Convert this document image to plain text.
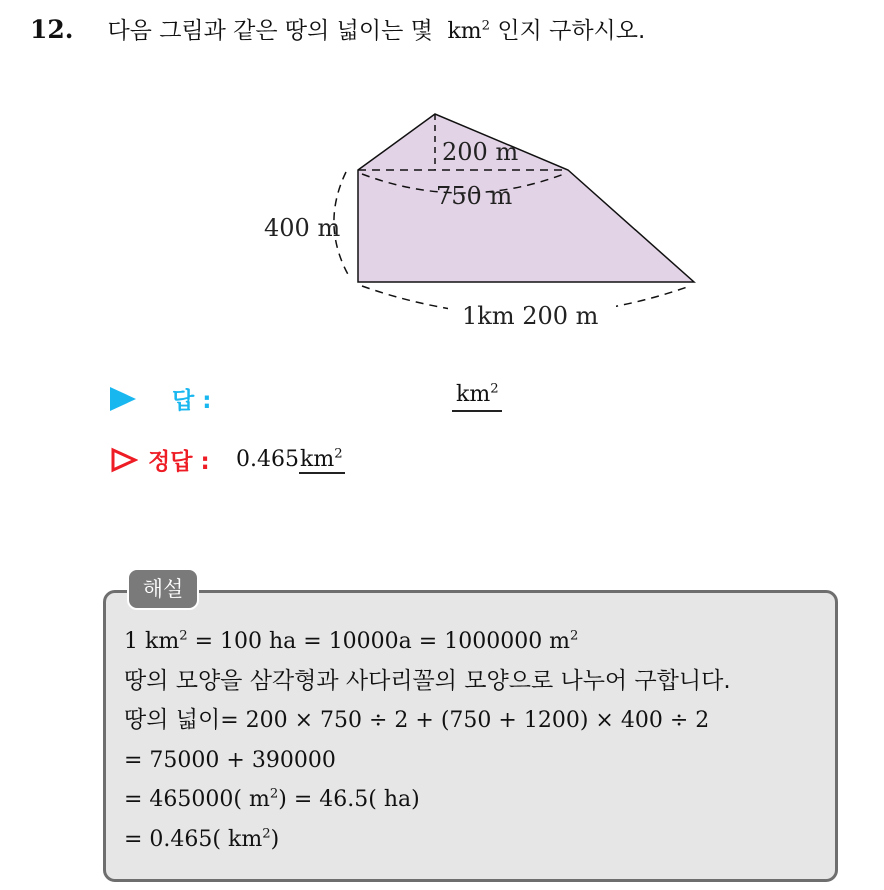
12. 다음 그림과 같은 땅의 넓이는 몇 $km^2$ 인지 구하시오.
200 m
750 m
400 m
1km 200 m
답 :	$km^2$
정답 : $0.465km^2$
해설
1 $km^2 = 100$ ha = 10000a = 1000000 $m^2$
땅의 모양을 삼각형과 사다리꼴의 모양으로 나누어 구합니다.
땅의 넓이= 200 × 750 ÷ 2 + (750 + 1200) × 400 ÷ 2
= 75000 + 390000
= 465000( $m^2) = 46.5$( ha)
= 0.465( $km^2$)
